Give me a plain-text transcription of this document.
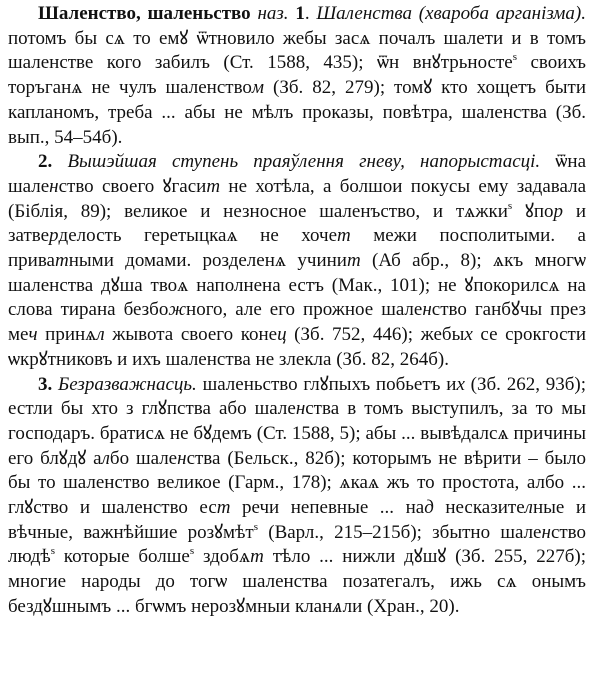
Шаленство, шаленьство наз. 1. Шаленства (хвароба арганізма). потомъ бы сѧ то емꙋ ѿтновило жебы засѧ почалъ шалети и в томъ шаленстве кого забилъ (Ст. 1588, 435); ѿн внꙋтрьносте$^s$ своихъ торъганѧ не чулъ шаленством (Зб. 82, 279); томꙋ кто хощетъ быти капланомъ, треба ... абы не мѣлъ проказы, повѣтра, шаленства (Зб. вып., 54–54б).

2. Вышэйшая ступень праяўлення гневу, напорыстасці. ѿна шаленство своего ꙋгасит не хотѣла, а болшои покусы ему задавала (Біблія, 89); великое и незносное шаленъство, и тѧжки$^s$ ꙋпор и затверделость геретыцкаѧ не хочет межи посполитыми. а приватными домами. розделенѧ учинит (Аб абр., 8); ѧкъ многѡ шаленства дꙋша твоѧ наполнена естъ (Мак., 101); не ꙋпокорилсѧ на слова тирана безбожного, але его прожное шаленство ганбꙋчы през меч принѧл жывота своего конец (Зб. 752, 446); жебых се срокгости ѡкрꙋтниковъ и ихъ шаленства не злекла (Зб. 82, 264б).

3. Безразважнасць. шаленьство глꙋпыхъ побьетъ их (Зб. 262, 93б); естли бы хто з глꙋпства або шаленства в томъ выступилъ, за то мы господаръ. братисѧ не бꙋдемъ (Ст. 1588, 5); абы ... вывѣдалсѧ причины его блꙋдꙋ албо шаленства (Бельск., 82б); которымъ не вѣрити – было бы то шаленство великое (Гарм., 178); ѧкаѧ жъ то простота, албо ... глꙋство и шаленство ест речи непевные ... над несказителные и вѣчные, важнѣйшие розꙋмѣт$^s$ (Варл., 215–215б); збытно шаленство людѣ$^s$ которые болше$^s$ здобѧт тѣло ... нижли дꙋшꙋ (Зб. 255, 227б); многие народы до тогѡ шаленства позатегалъ, ижь сѧ онымъ бездꙋшнымъ ... бгѡмъ нерозꙋмныи кланѧли (Хран., 20).
